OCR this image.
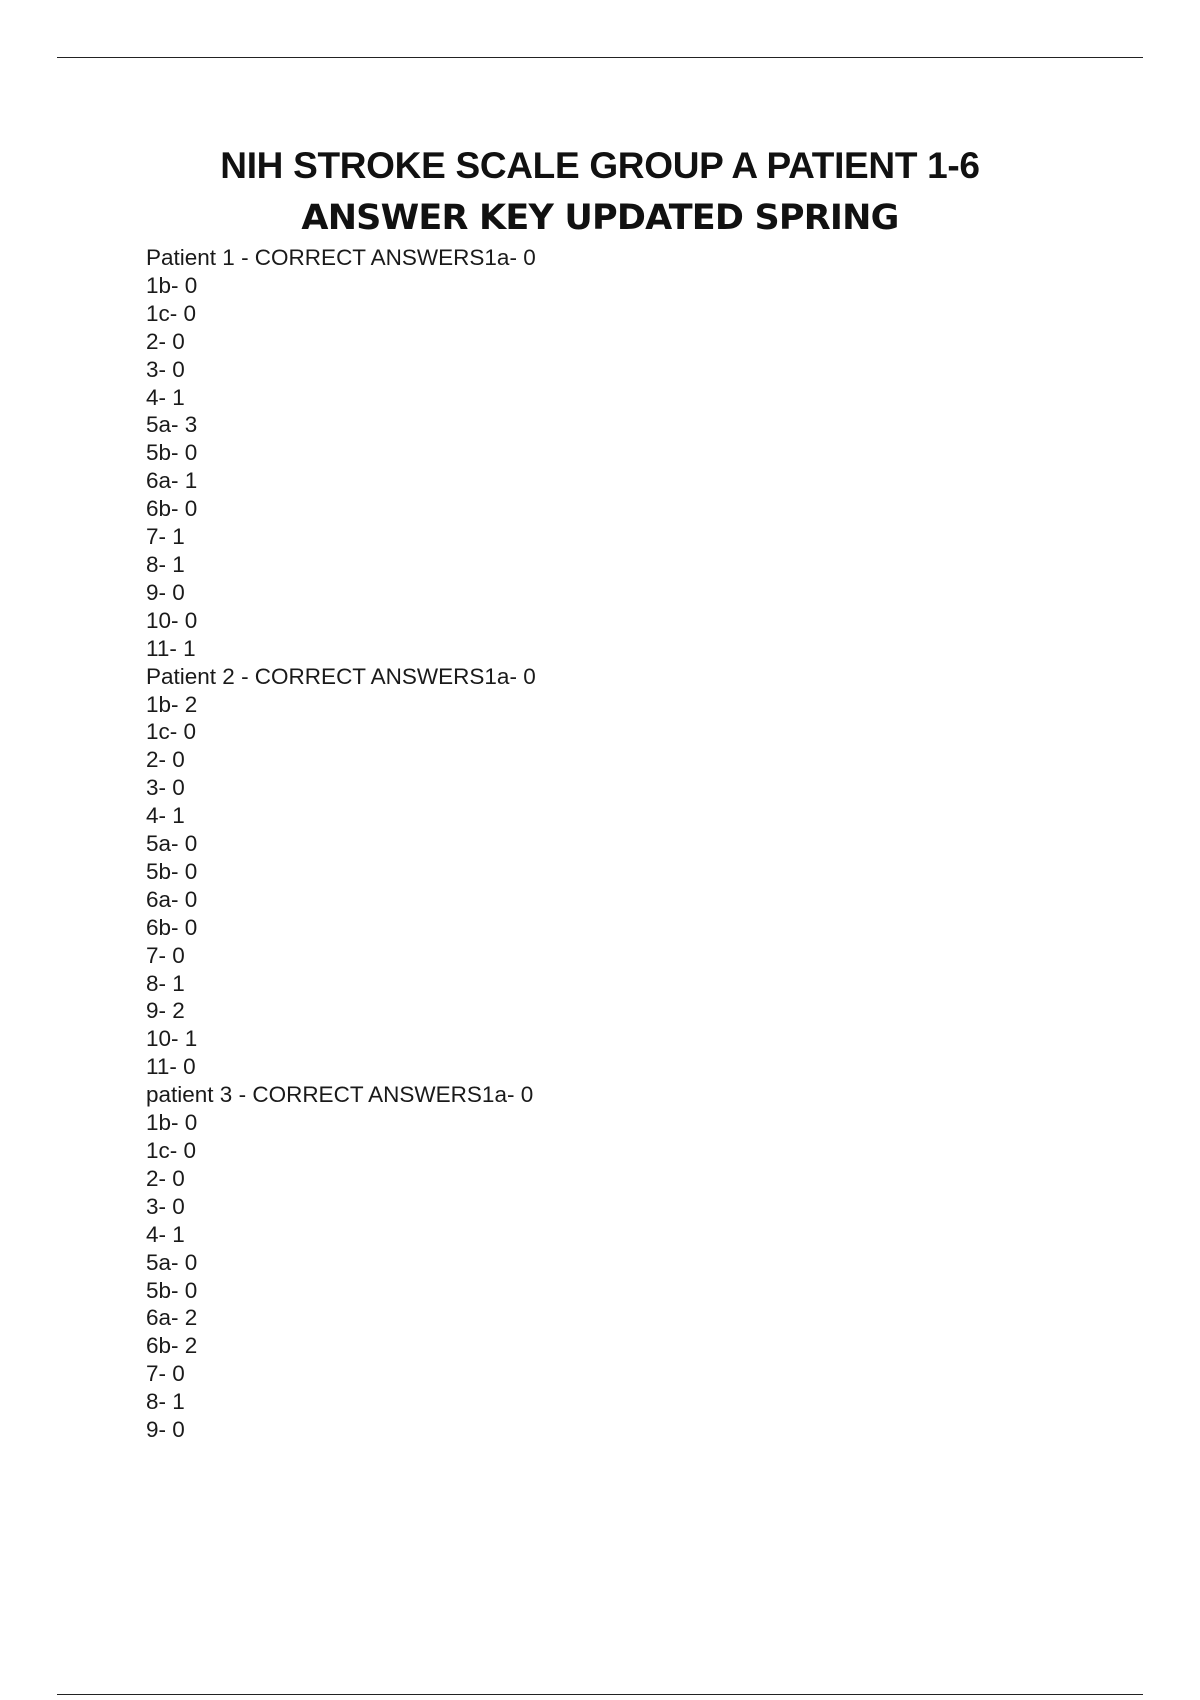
NIH STROKE SCALE GROUP A PATIENT 1-6
ANSWER KEY UPDATED SPRING
Patient 1 - CORRECT ANSWERS1a- 0
1b- 0
1c- 0
2- 0
3- 0
4- 1
5a- 3
5b- 0
6a- 1
6b- 0
7- 1
8- 1
9- 0
10- 0
11- 1
Patient 2 - CORRECT ANSWERS1a- 0
1b- 2
1c- 0
2- 0
3- 0
4- 1
5a- 0
5b- 0
6a- 0
6b- 0
7- 0
8- 1
9- 2
10- 1
11- 0
patient 3 - CORRECT ANSWERS1a- 0
1b- 0
1c- 0
2- 0
3- 0
4- 1
5a- 0
5b- 0
6a- 2
6b- 2
7- 0
8- 1
9- 0
